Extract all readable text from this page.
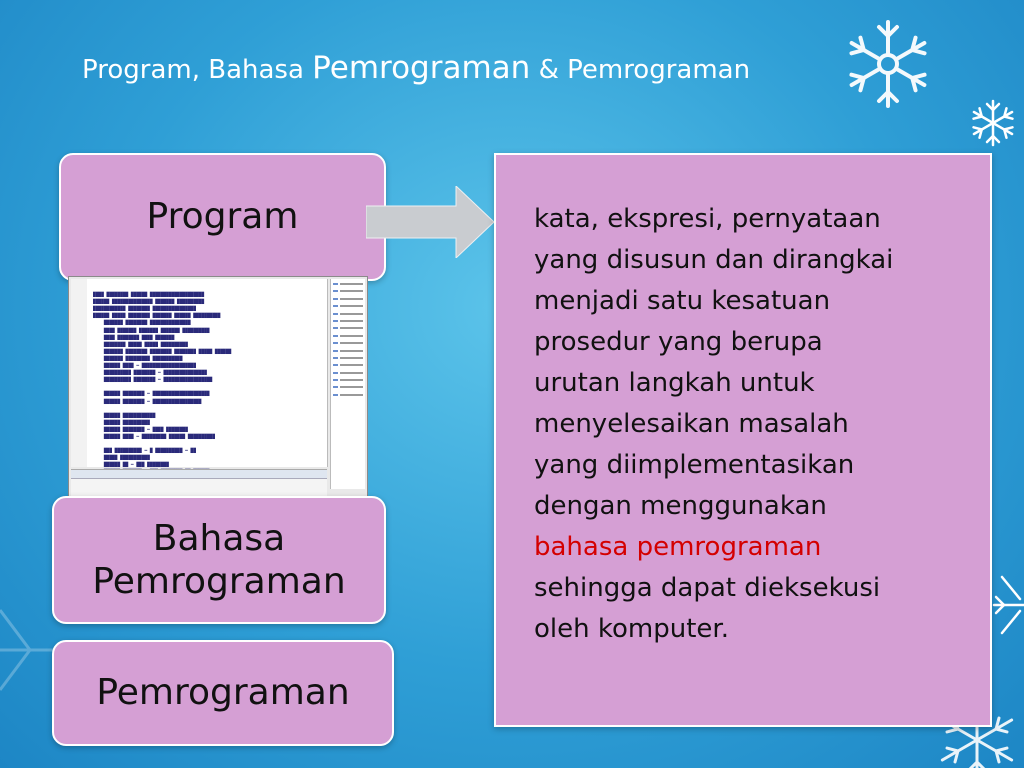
Program, Bahasa Pemrograman & Pemrograman
Program

████ ████████ ██████ ████████████████████
██████ ███████████████ ███████ ██████████
████████████ ████████ ████████████████
██████ █████ ████████ ███████ ██████ ██████████
███████ ████████ ███████████████
████ ███████ ███████ ███████ ██████████
████ ████████ ████ ███████
████████ █████ █████ ██████████
███████ ████████ ████████ ████████ █████ ██████
███████ █████████ ███████████
██████ ████ ═ ████████████████████
██████████ ████████ ═ ████████████████
██████████ ████████ ═ ██████████████████

██████ ████████ ═ █████████████████████
██████ ████████ ═ ██████████████████

██████ ████████████
██████ ██████████
██████ ████████ ═ ████ ████████
██████ ████ ═ █████████ ██████ ██████████

███ ██████████ ═ █ ██████████ ═ ██
█████ ███████████
██████ ██ ═ ███ ████████

Bahasa
Pemrograman
Pemrograman
kata, ekspresi, pernyataan
yang disusun dan dirangkai
menjadi satu kesatuan
prosedur yang berupa
urutan langkah untuk
menyelesaikan masalah
yang diimplementasikan
dengan menggunakan
bahasa pemrograman
sehingga dapat dieksekusi
oleh komputer.
